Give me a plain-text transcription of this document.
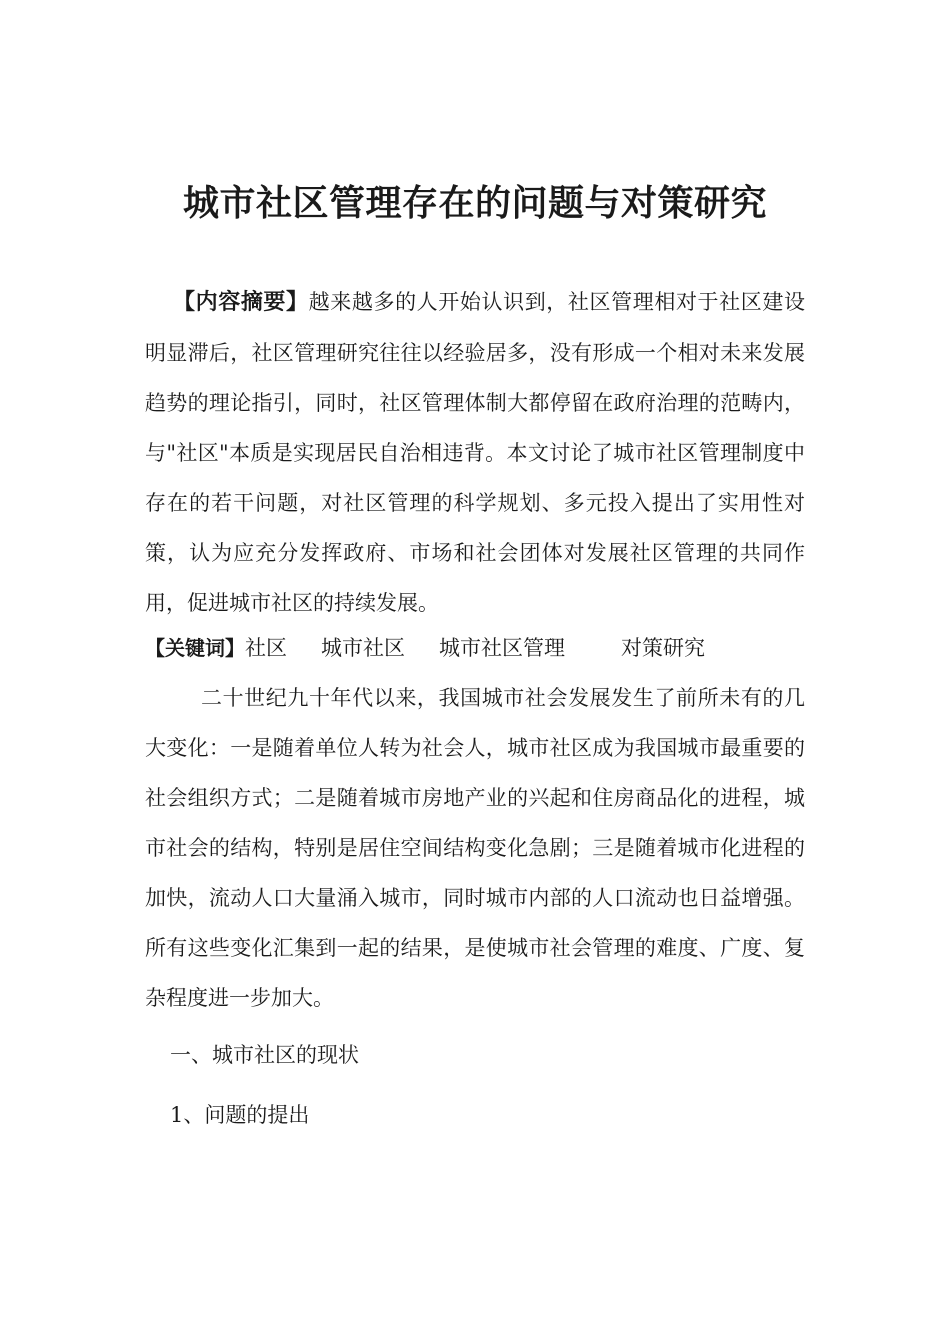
城市社区管理存在的问题与对策研究
【内容摘要】越来越多的人开始认识到，社区管理相对于社区建设明显滞后，社区管理研究往往以经验居多，没有形成一个相对未来发展趋势的理论指引，同时，社区管理体制大都停留在政府治理的范畴内，与"社区"本质是实现居民自治相违背。本文讨论了城市社区管理制度中存在的若干问题，对社区管理的科学规划、多元投入提出了实用性对策，认为应充分发挥政府、市场和社会团体对发展社区管理的共同作用，促进城市社区的持续发展。
【关键词】社区 城市社区 城市社区管理	对策研究
二十世纪九十年代以来，我国城市社会发展发生了前所未有的几大变化：一是随着单位人转为社会人，城市社区成为我国城市最重要的社会组织方式；二是随着城市房地产业的兴起和住房商品化的进程，城市社会的结构，特别是居住空间结构变化急剧；三是随着城市化进程的加快，流动人口大量涌入城市，同时城市内部的人口流动也日益增强。所有这些变化汇集到一起的结果，是使城市社会管理的难度、广度、复杂程度进一步加大。
一、城市社区的现状
1、问题的提出
